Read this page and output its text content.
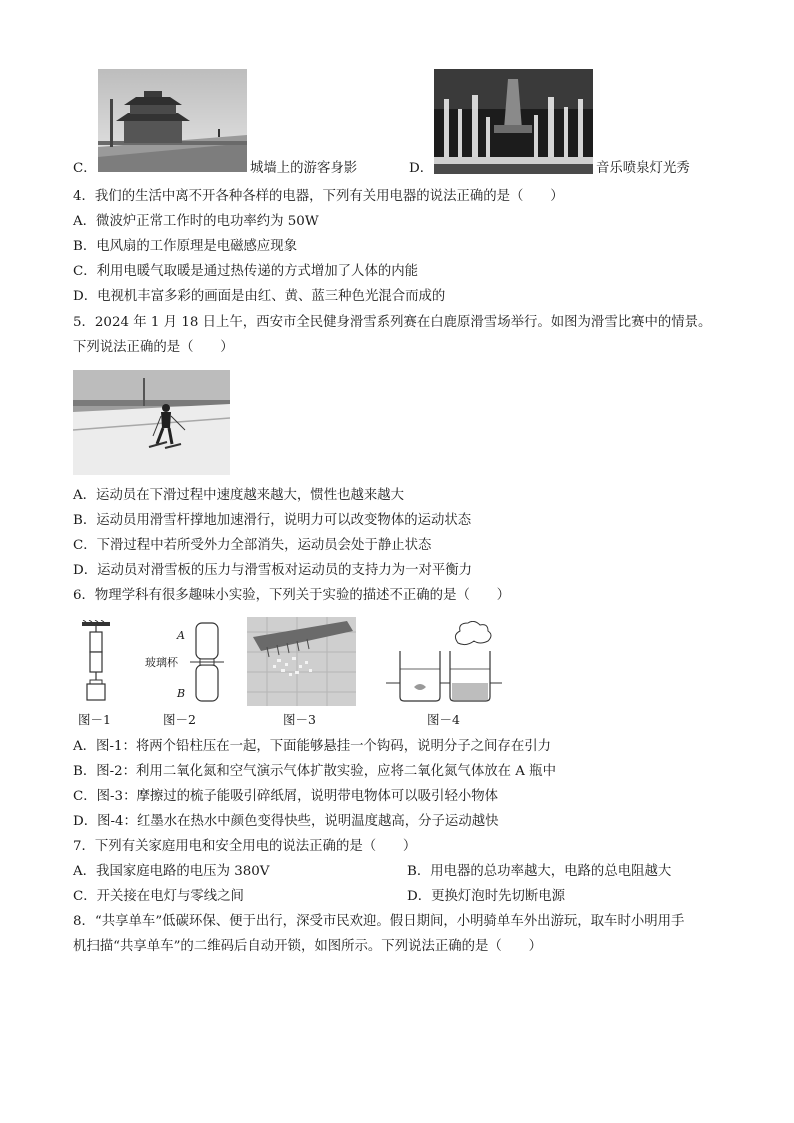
C．	城墙上的游客身影	D．	音乐喷泉灯光秀
4．我们的生活中离不开各种各样的电器，下列有关用电器的说法正确的是（　　）
A．微波炉正常工作时的电功率约为 50W
B．电风扇的工作原理是电磁感应现象
C．利用电暖气取暖是通过热传递的方式增加了人体的内能
D．电视机丰富多彩的画面是由红、黄、蓝三种色光混合而成的
5．2024 年 1 月 18 日上午，西安市全民健身滑雪系列赛在白鹿原滑雪场举行。如图为滑雪比赛中的情景。
下列说法正确的是（　　）
A．运动员在下滑过程中速度越来越大，惯性也越来越大
B．运动员用滑雪杆撑地加速滑行，说明力可以改变物体的运动状态
C．下滑过程中若所受外力全部消失，运动员会处于静止状态
D．运动员对滑雪板的压力与滑雪板对运动员的支持力为一对平衡力
6．物理学科有很多趣味小实验，下列关于实验的描述不正确的是（　　）
图－1
A
玻璃杯
B
图－2	图－3	图－4
A．图-1：将两个铅柱压在一起，下面能够悬挂一个钩码，说明分子之间存在引力
B．图-2：利用二氧化氮和空气演示气体扩散实验，应将二氧化氮气体放在 A 瓶中
C．图-3：摩擦过的梳子能吸引碎纸屑，说明带电物体可以吸引轻小物体
D．图-4：红墨水在热水中颜色变得快些，说明温度越高，分子运动越快
7．下列有关家庭用电和安全用电的说法正确的是（　　）
A．我国家庭电路的电压为 380V	B．用电器的总功率越大，电路的总电阻越大
C．开关接在电灯与零线之间	D．更换灯泡时先切断电源
8．“共享单车”低碳环保、便于出行，深受市民欢迎。假日期间，小明骑单车外出游玩，取车时小明用手
机扫描“共享单车”的二维码后自动开锁，如图所示。下列说法正确的是（　　）
